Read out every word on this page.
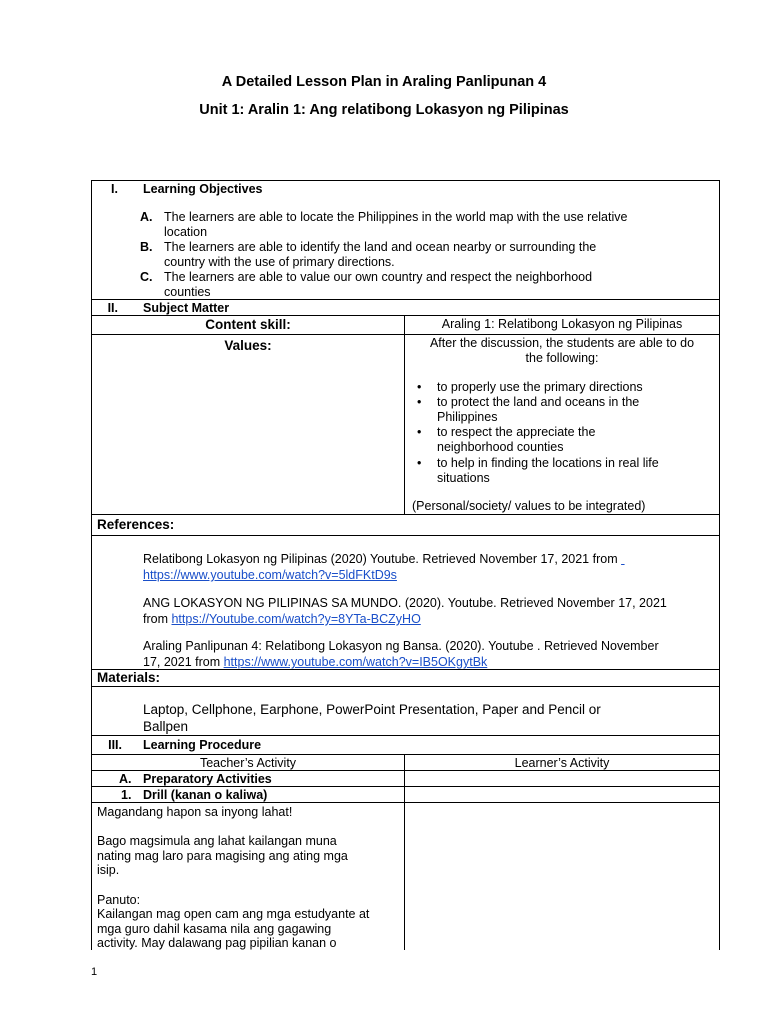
A Detailed Lesson Plan in Araling Panlipunan 4
Unit 1: Aralin 1: Ang relatibong Lokasyon ng Pilipinas
I. Learning Objectives
A. The learners are able to locate the Philippines in the world map with the use relative
location
B. The learners are able to identify the land and ocean nearby or surrounding the
country with the use of primary directions.
C. The learners are able to value our own country and respect the neighborhood
counties
II. Subject Matter
Content skill:	Araling 1: Relatibong Lokasyon ng Pilipinas
Values:	After the discussion, the students are able to do
the following:
• to properly use the primary directions
• to protect the land and oceans in the
Philippines
• to respect the appreciate the
neighborhood counties
• to help in finding the locations in real life
situations
(Personal/society/ values to be integrated)
References:
Relatibong Lokasyon ng Pilipinas (2020) Youtube. Retrieved November 17, 2021 from
https://www.youtube.com/watch?v=5ldFKtD9s
ANG LOKASYON NG PILIPINAS SA MUNDO. (2020). Youtube. Retrieved November 17, 2021
from https://Youtube.com/watch?y=8YTa-BCZyHO
Araling Panlipunan 4: Relatibong Lokasyon ng Bansa. (2020). Youtube . Retrieved November
17, 2021 from https://www.youtube.com/watch?v=IB5OKgytBk
Materials:
Laptop, Cellphone, Earphone, PowerPoint Presentation, Paper and Pencil or
Ballpen
III. Learning Procedure
Teacher’s Activity	Learner’s Activity
A. Preparatory Activities
1. Drill (kanan o kaliwa)
Magandang hapon sa inyong lahat!
Bago magsimula ang lahat kailangan muna
nating mag laro para magising ang ating mga
isip.
Panuto:
Kailangan mag open cam ang mga estudyante at
mga guro dahil kasama nila ang gagawing
activity. May dalawang pag pipilian kanan o
1
